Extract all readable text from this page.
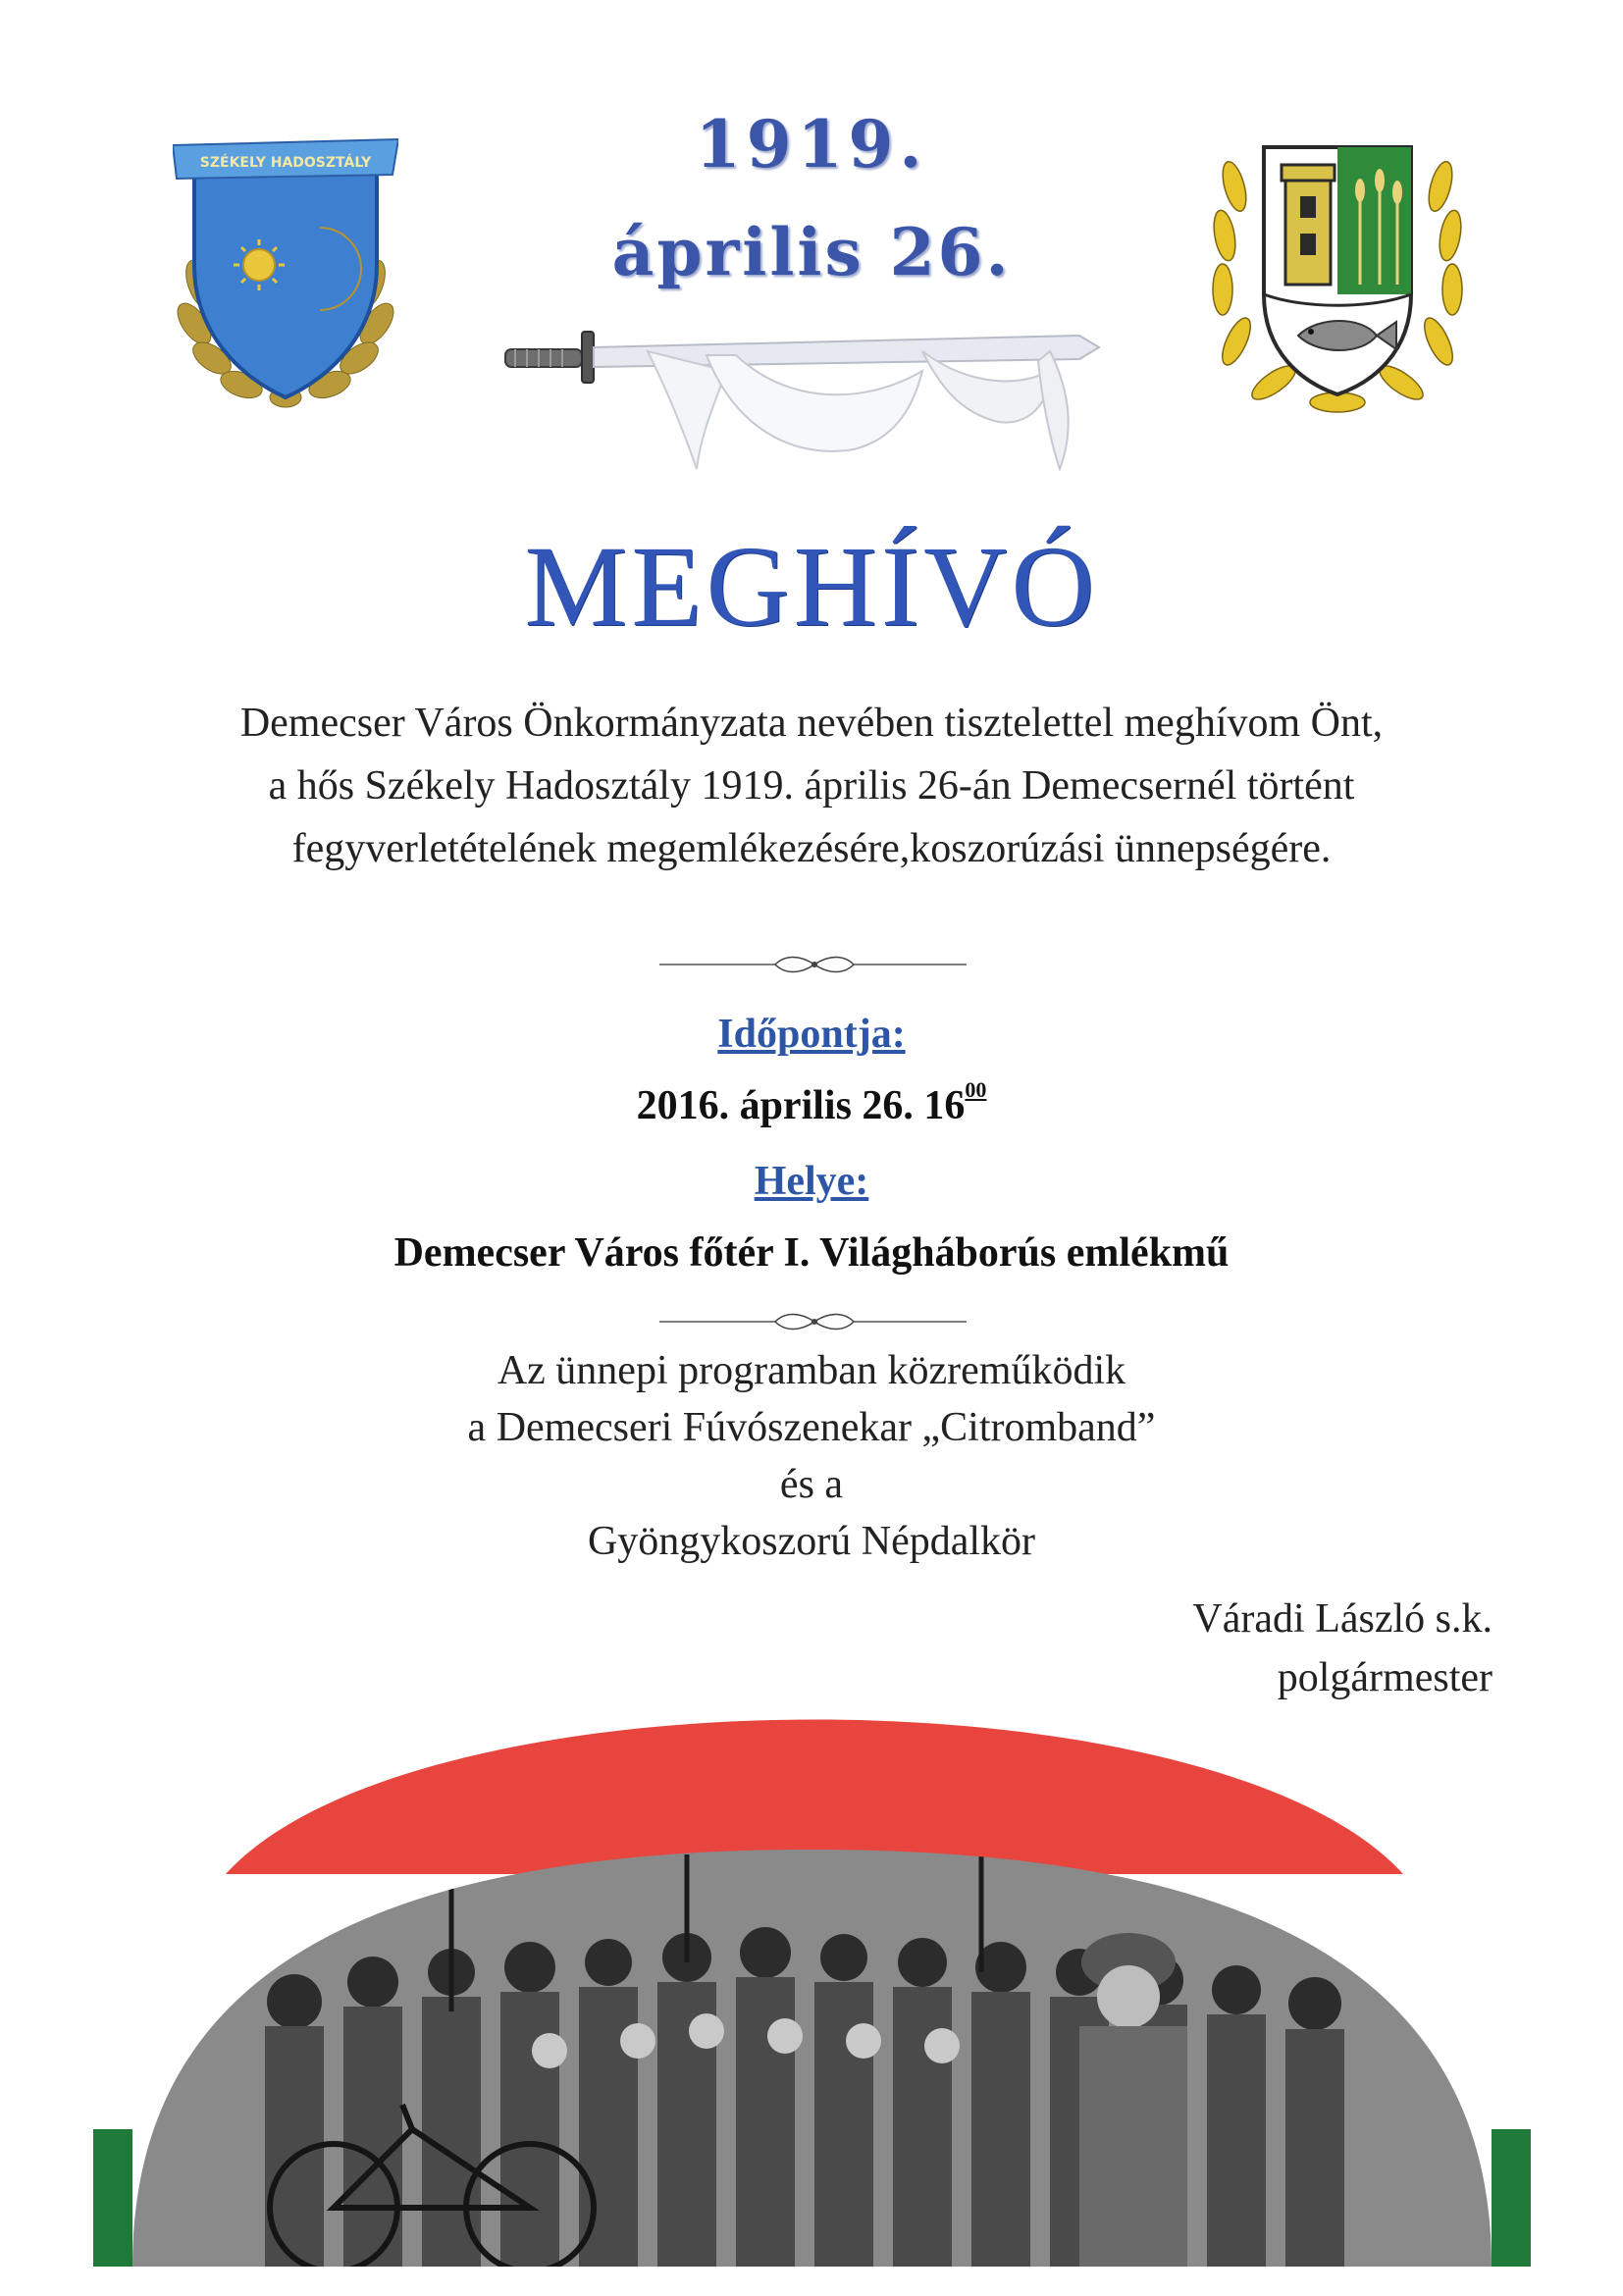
SZÉKELY HADOSZTÁLY	1919.
április 26.
MEGHÍVÓ
Demecser Város Önkormányzata nevében tisztelettel meghívom Önt,
a hős Székely Hadosztály 1919. április 26-án Demecsernél történt
fegyverletételének megemlékezésére,koszorúzási ünnepségére.
Időpontja:
2016. április 26. $16^{00}$
Helye:
Demecser Város főtér I. Világháborús emlékmű
Az ünnepi programban közreműködik
a Demecseri Fúvószenekar „Citromband”
és a
Gyöngykoszorú Népdalkör
Váradi László s.k.
polgármester
